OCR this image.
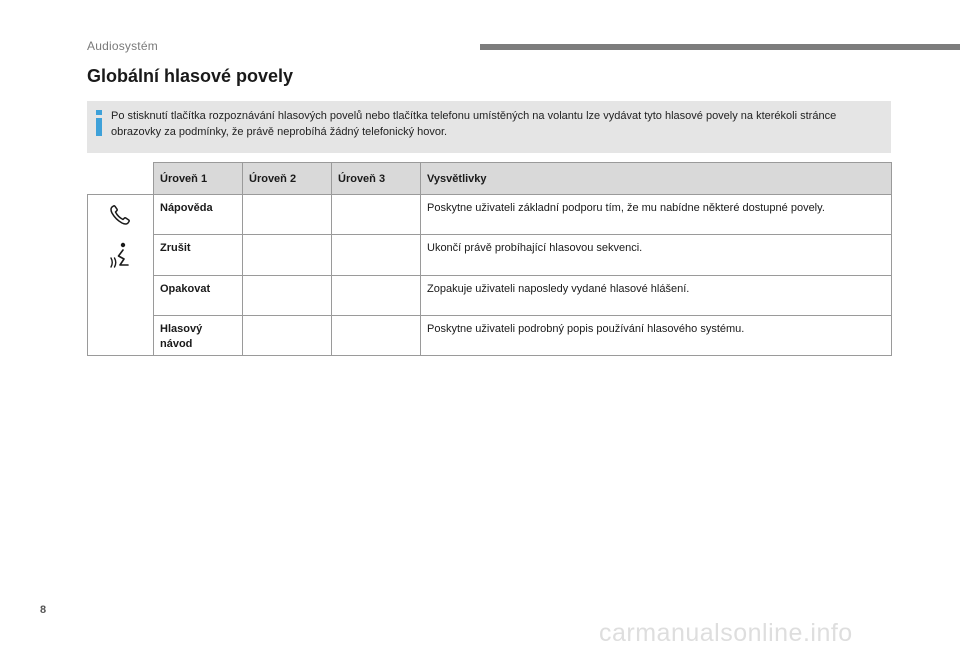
Audiosystém
Globální hlasové povely
Po stisknutí tlačítka rozpoznávání hlasových povelů nebo tlačítka telefonu umístěných na volantu lze vydávat tyto hlasové povely na kterékoli stránce obrazovky za podmínky, že právě neprobíhá žádný telefonický hovor.
	Úroveň 1	Úroveň 2	Úroveň 3	Vysvětlivky

	Nápověda			Poskytne uživateli základní podporu tím, že mu nabídne některé dostupné povely.
	Zrušit			Ukončí právě probíhající hlasovou sekvenci.
	Opakovat			Zopakuje uživateli naposledy vydané hlasové hlášení.
	Hlasový návod			Poskytne uživateli podrobný popis používání hlasového systému.
8
carmanualsonline.info
